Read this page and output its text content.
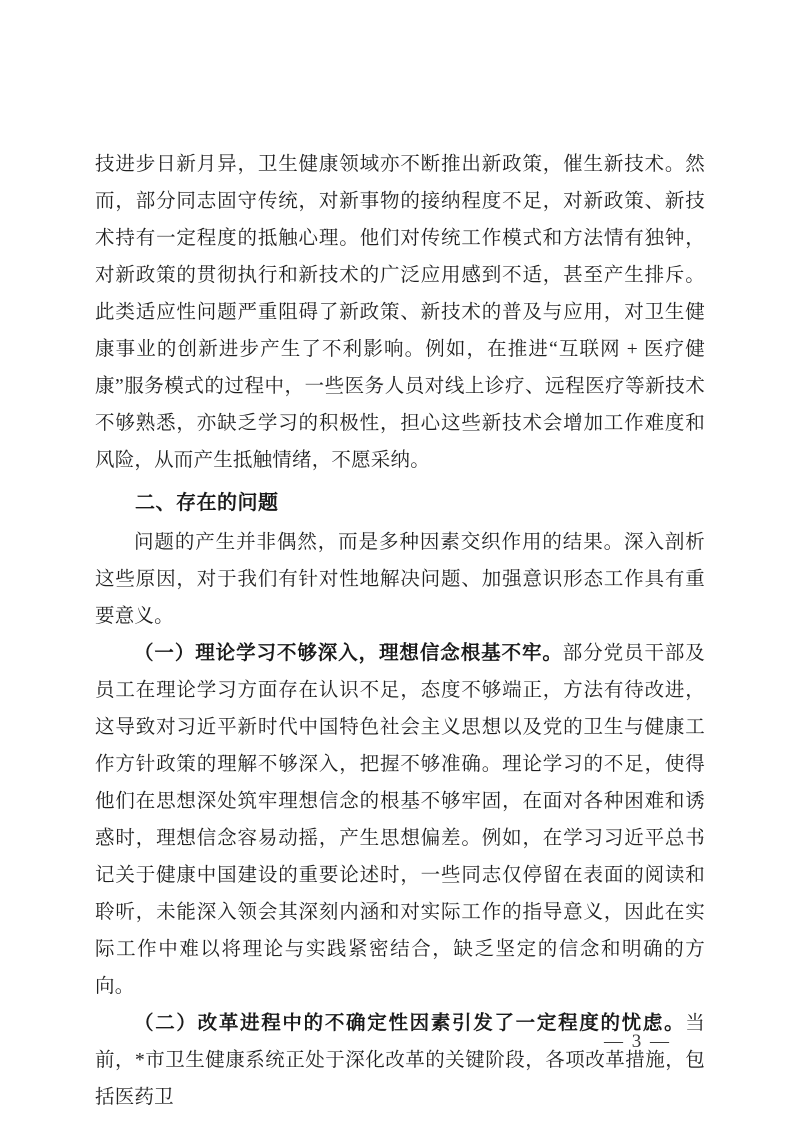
技进步日新月异，卫生健康领域亦不断推出新政策，催生新技术。然而，部分同志固守传统，对新事物的接纳程度不足，对新政策、新技术持有一定程度的抵触心理。他们对传统工作模式和方法情有独钟，对新政策的贯彻执行和新技术的广泛应用感到不适，甚至产生排斥。此类适应性问题严重阻碍了新政策、新技术的普及与应用，对卫生健康事业的创新进步产生了不利影响。例如，在推进“互联网 + 医疗健康”服务模式的过程中，一些医务人员对线上诊疗、远程医疗等新技术不够熟悉，亦缺乏学习的积极性，担心这些新技术会增加工作难度和风险，从而产生抵触情绪，不愿采纳。

二、存在的问题

问题的产生并非偶然，而是多种因素交织作用的结果。深入剖析这些原因，对于我们有针对性地解决问题、加强意识形态工作具有重要意义。

（一）理论学习不够深入，理想信念根基不牢。部分党员干部及员工在理论学习方面存在认识不足，态度不够端正，方法有待改进，这导致对习近平新时代中国特色社会主义思想以及党的卫生与健康工作方针政策的理解不够深入，把握不够准确。理论学习的不足，使得他们在思想深处筑牢理想信念的根基不够牢固，在面对各种困难和诱惑时，理想信念容易动摇，产生思想偏差。例如，在学习习近平总书记关于健康中国建设的重要论述时，一些同志仅停留在表面的阅读和聆听，未能深入领会其深刻内涵和对实际工作的指导意义，因此在实际工作中难以将理论与实践紧密结合，缺乏坚定的信念和明确的方向。

（二）改革进程中的不确定性因素引发了一定程度的忧虑。当前，*市卫生健康系统正处于深化改革的关键阶段，各项改革措施，包括医药卫

— 3 —
